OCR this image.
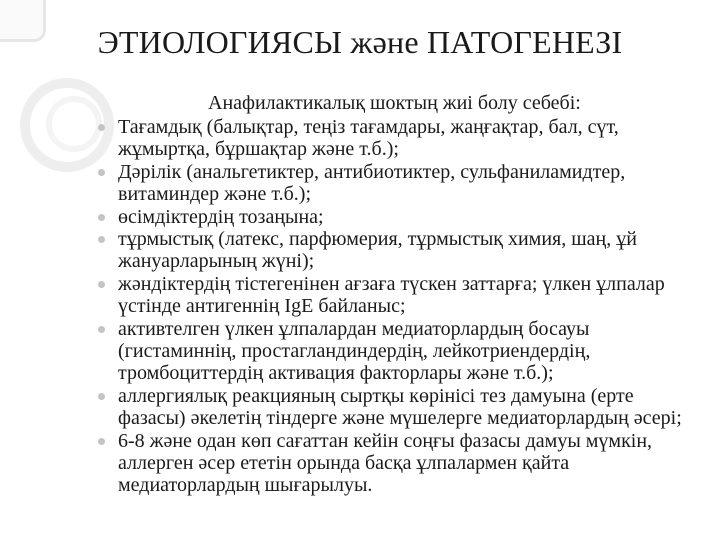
ЭТИОЛОГИЯСЫ және ПАТОГЕНЕЗІ
Анафилактикалық шоктың жиі болу себебі:
Тағамдық (балықтар, теңіз тағамдары, жаңғақтар, бал, сүт, жұмыртқа, бұршақтар және т.б.);
Дәрілік (анальгетиктер, антибиотиктер, сульфаниламидтер, витаминдер және т.б.);
өсімдіктердің тозаңына;
тұрмыстық (латекс, парфюмерия, тұрмыстық химия, шаң, ұй жануарларының жүні);
жәндіктердің тістегенінен ағзаға түскен заттарға; үлкен ұлпалар үстінде антигеннің IgE байланыс;
активтелген үлкен ұлпалардан медиаторлардың босауы (гистаминнің, простагландиндердің, лейкотриендердің, тромбоциттердің активация факторлары және т.б.);
аллергиялық реакцияның сыртқы көрінісі тез дамуына (ерте фазасы) әкелетің тіндерге және мүшелерге медиаторлардың әсері;
6-8 және одан көп сағаттан кейін соңғы фазасы дамуы мүмкін, аллерген әсер ететін орында басқа ұлпалармен қайта медиаторлардың шығарылуы.
